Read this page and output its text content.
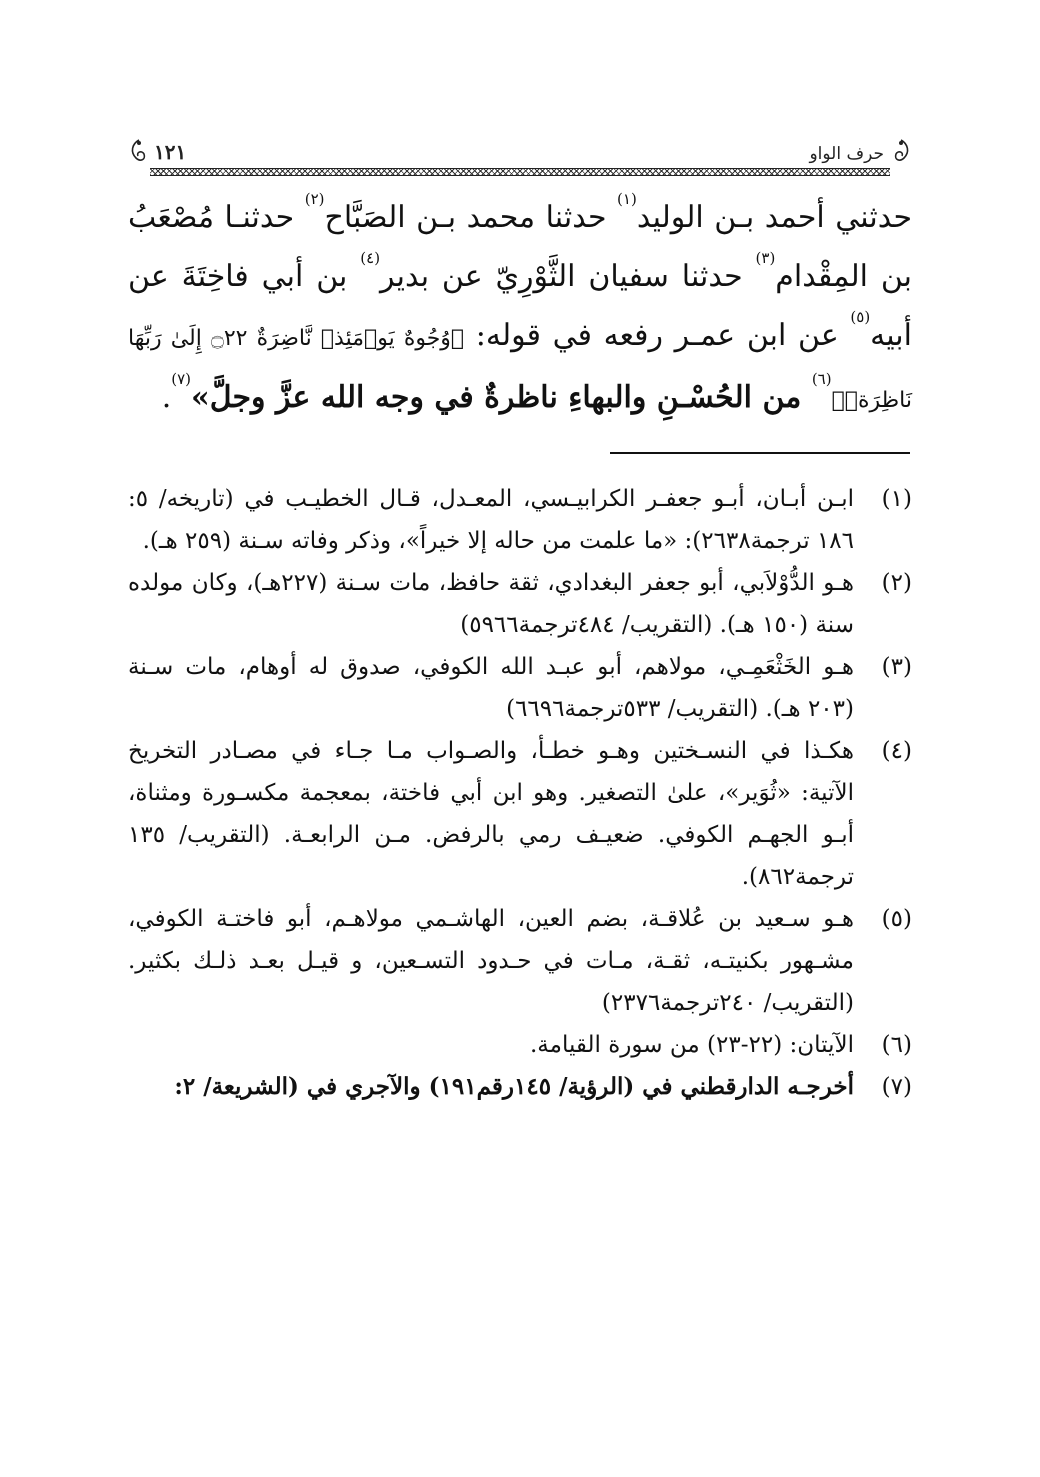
حرف الواو
١٢١
حدثني أحمد بـن الوليد$^{(١)}$ حدثنا محمد بـن الصَبَّاح$^{(٢)}$ حدثنـا مُصْعَبُ بن المِقْدام$^{(٣)}$ حدثنا سفيان الثَّوْرِيّ عن بدير$^{(٤)}$ بن أبي فاخِتَةَ عن أبيه$^{(٥)}$ عن ابن عمـر رفعه في قوله: ﴿وُجُوهٌ يَوۡمَئِذٖ نَّاضِرَةٌ ۝٢٢ إِلَىٰ رَبِّهَا نَاظِرَةٞ﴾$^{(٦)}$ من الحُسْـنِ والبهاءِ ناظرةٌ في وجه الله عزَّ وجلَّ»$^{(٧)}$.
(١)
ابـن أبـان، أبـو جعفـر الكرابيـسي، المعـدل، قـال الخطيـب في (تاريخه/ ٥: ١٨٦ ترجمة٢٦٣٨): «ما علمت من حاله إلا خيراً»، وذكر وفاته سـنة (٢٥٩ هـ).
(٢)
هـو الدُّوْلاَبي، أبو جعفر البغدادي، ثقة حافظ، مات سـنة (٢٢٧هـ)، وكان مولده سنة (١٥٠ هـ). (التقريب/ ٤٨٤ترجمة٥٩٦٦)
(٣)
هـو الخَثْعَمِـي، مولاهم، أبو عبـد الله الكوفي، صدوق له أوهام، مات سـنة (٢٠٣ هـ). (التقريب/ ٥٣٣ترجمة٦٦٩٦)
(٤)
هكـذا في النسـختين وهـو خطـأ، والصـواب مـا جـاء في مصـادر التخريخ الآتية: «ثُوَير»، علىٰ التصغير. وهو ابن أبي فاختة، بمعجمة مكسـورة ومثناة، أبـو الجهـم الكوفي. ضعيـف رمي بالرفض. مـن الرابعـة. (التقريب/ ١٣٥ ترجمة٨٦٢).
(٥)
هـو سـعيد بن عُلاقـة، بضم العين، الهاشـمي مولاهـم، أبو فاختـة الكوفي، مشـهور بكنيتـه، ثقـة، مـات في حـدود التسـعين، و قيـل بعـد ذلـك بكثير. (التقريب/ ٢٤٠ترجمة٢٣٧٦)
(٦)
الآيتان: (٢٢-٢٣) من سورة القيامة.
(٧)
أخرجـه الدارقطني في (الرؤية/ ١٤٥رقم١٩١) والآجري في (الشريعة/ ٢:
